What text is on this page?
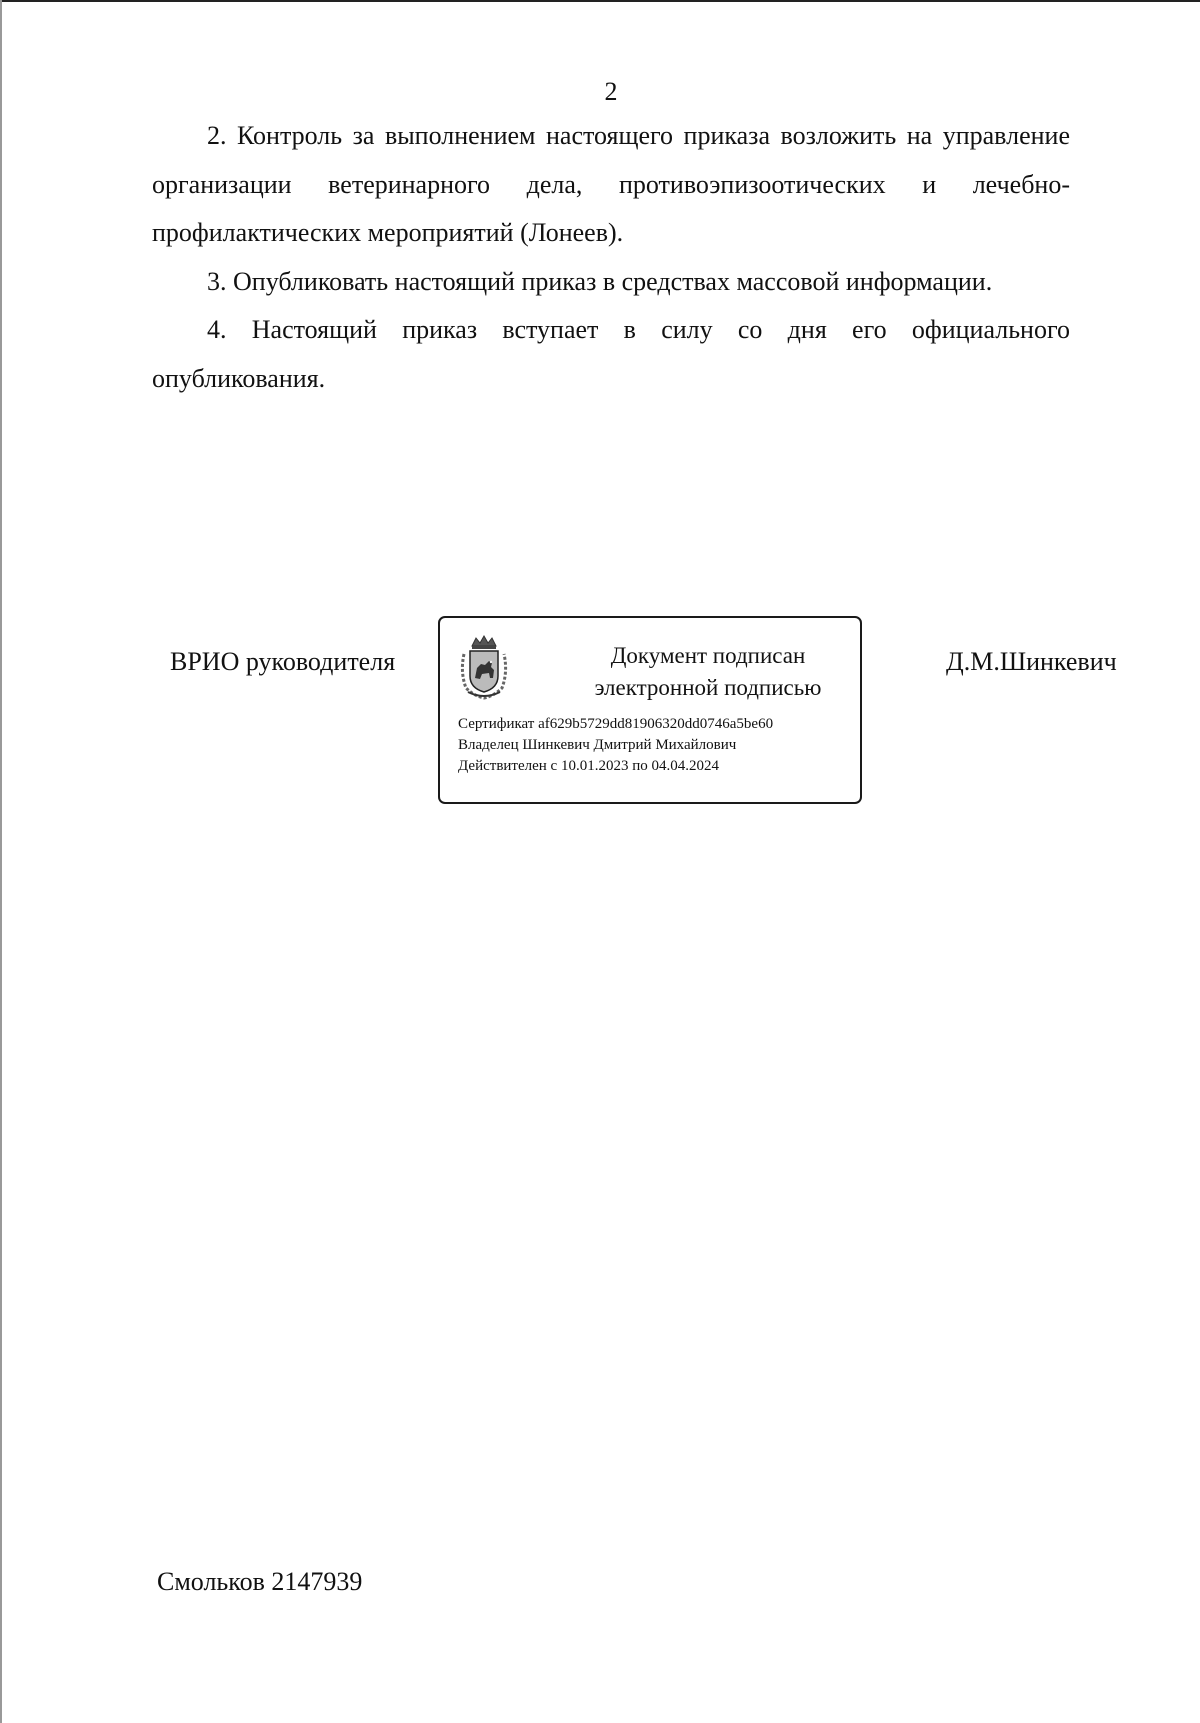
2

2. Контроль за выполнением настоящего приказа возложить на управление организации ветеринарного дела, противоэпизоотических и лечебно-профилактических мероприятий (Лонеев).

3. Опубликовать настоящий приказ в средствах массовой информации.

4. Настоящий приказ вступает в силу со дня его официального опубликования.

ВРИО руководителя	Документ подписан
электронной подписью
Сертификат af629b5729dd81906320dd0746a5be60
Владелец Шинкевич Дмитрий Михайлович
Действителен с 10.01.2023 по 04.04.2024
Д.М.Шинкевич
Смольков 2147939
